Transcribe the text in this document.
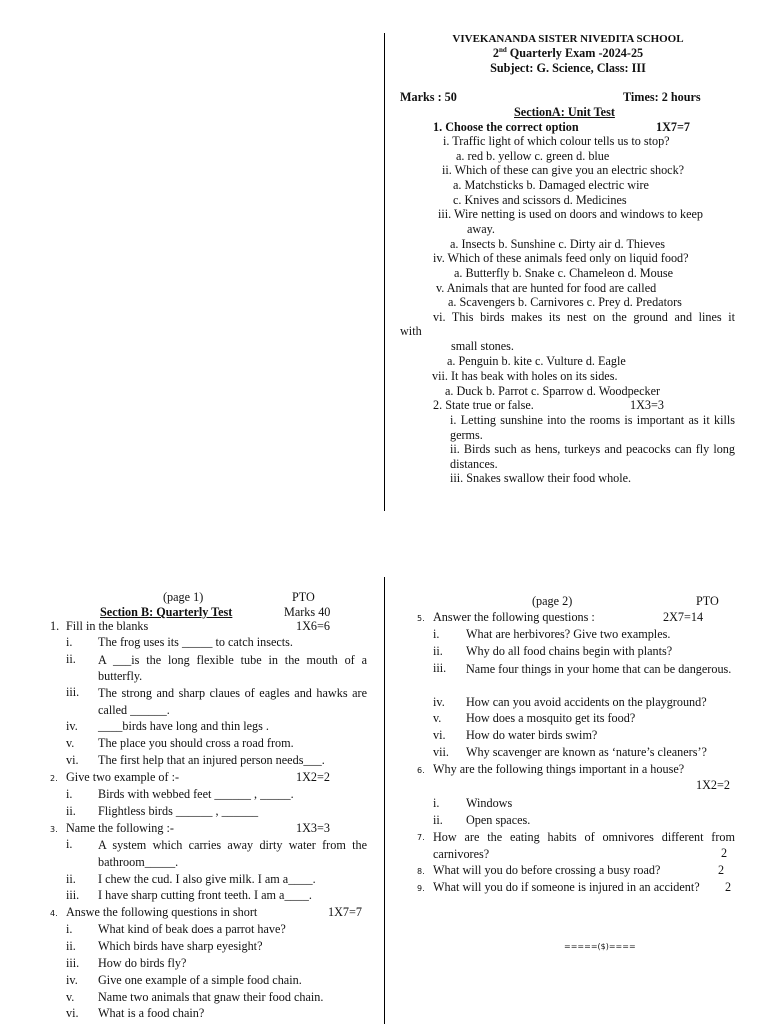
VIVEKANANDA SISTER NIVEDITA SCHOOL
2nd Quarterly Exam -2024-25
Subject: G. Science, Class: III
Marks : 50	Times: 2 hours
SectionA: Unit Test
1. Choose the correct option	1X7=7
i. Traffic light of which colour tells us to stop?
a. red b. yellow c. green d. blue
ii. Which of these can give you an electric shock?
a. Matchsticks b. Damaged electric wire
c. Knives and scissors d. Medicines
iii. Wire netting is used on doors and windows to keep
away.
a. Insects b. Sunshine c. Dirty air d. Thieves
iv. Which of these animals feed only on liquid food?
a. Butterfly b. Snake c. Chameleon d. Mouse
v. Animals that are hunted for food are called
a. Scavengers b. Carnivores c. Prey d. Predators
vi. This birds makes its nest on the ground and lines it
with
small stones.
a. Penguin b. kite c. Vulture d. Eagle
vii. It has beak with holes on its sides.
a. Duck b. Parrot c. Sparrow d. Woodpecker
2. State true or false.	1X3=3
i. Letting sunshine into the rooms is important as it kills germs.
ii. Birds such as hens, turkeys and peacocks can fly long distances.
iii. Snakes swallow their food whole.
(page 1)	PTO
Section B: Quarterly Test	Marks 40
1. Fill in the blanks	1X6=6
i. The frog uses its _____ to catch insects.
ii. A ___is the long flexible tube in the mouth of a butterfly.
iii. The strong and sharp claues of eagles and hawks are called ______.
iv. ____birds have long and thin legs .
v. The place you should cross a road from.
vi. The first help that an injured person needs___.
2. Give two example of :-	1X2=2
i. Birds with webbed feet ______ , _____.
ii. Flightless birds ______ , ______
3. Name the following :-	1X3=3
i. A system which carries away dirty water from the bathroom_____.
ii. I chew the cud. I also give milk. I am a____.
iii. I have sharp cutting front teeth. I am a____.
4. Answe the following questions in short	1X7=7
i. What kind of beak does a parrot have?
ii. Which birds have sharp eyesight?
iii. How do birds fly?
iv. Give one example of a simple food chain.
v. Name two animals that gnaw their food chain.
vi. What is a food chain?
(page 2)	PTO
5. Answer the following questions :	2X7=14
i. What are herbivores? Give two examples.
ii. Why do all food chains begin with plants?
iii. Name four things in your home that can be dangerous.
iv. How can you avoid accidents on the playground?
v. How does a mosquito get its food?
vi. How do water birds swim?
vii. Why scavenger are known as ‘nature’s cleaners’?
6. Why are the following things important in a house?
1X2=2
i. Windows
ii. Open spaces.
7. How are the eating habits of omnivores different from carnivores?	2
8. What will you do before crossing a busy road?	2
9. What will you do if someone is injured in an accident? 2
=====($)====
